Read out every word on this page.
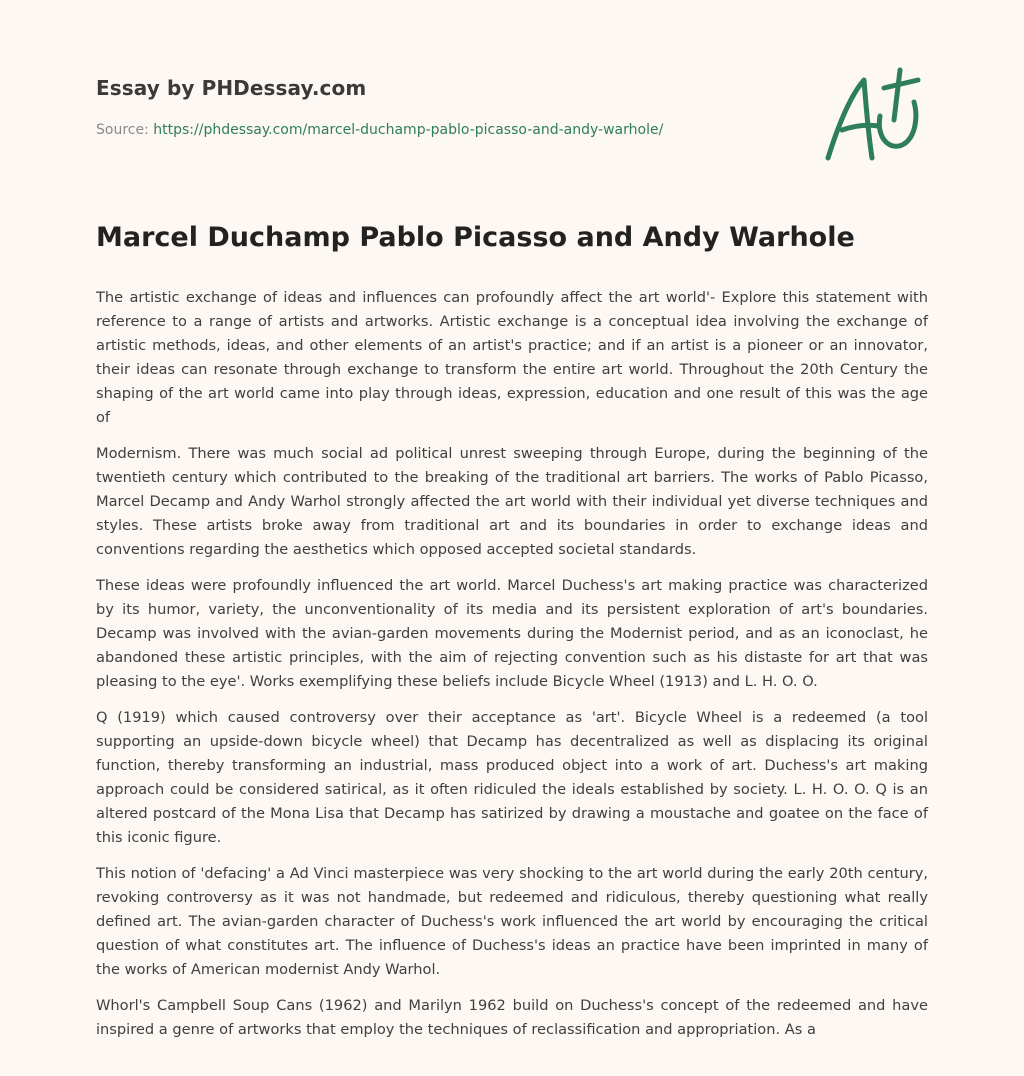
Essay by PHDessay.com
Source: https://phdessay.com/marcel-duchamp-pablo-picasso-and-andy-warhole/
Marcel Duchamp Pablo Picasso and Andy Warhole

The artistic exchange of ideas and influences can profoundly affect the art world'- Explore this statement with reference to a range of artists and artworks. Artistic exchange is a conceptual idea involving the exchange of artistic methods, ideas, and other elements of an artist's practice; and if an artist is a pioneer or an innovator, their ideas can resonate through exchange to transform the entire art world. Throughout the 20th Century the shaping of the art world came into play through ideas, expression, education and one result of this was the age of

Modernism. There was much social ad political unrest sweeping through Europe, during the beginning of the twentieth century which contributed to the breaking of the traditional art barriers. The works of Pablo Picasso, Marcel Decamp and Andy Warhol strongly affected the art world with their individual yet diverse techniques and styles. These artists broke away from traditional art and its boundaries in order to exchange ideas and conventions regarding the aesthetics which opposed accepted societal standards.

These ideas were profoundly influenced the art world. Marcel Duchess's art making practice was characterized by its humor, variety, the unconventionality of its media and its persistent exploration of art's boundaries. Decamp was involved with the avian-garden movements during the Modernist period, and as an iconoclast, he abandoned these artistic principles, with the aim of rejecting convention such as his distaste for art that was pleasing to the eye'. Works exemplifying these beliefs include Bicycle Wheel (1913) and L. H. O. O.

Q (1919) which caused controversy over their acceptance as 'art'. Bicycle Wheel is a redeemed (a tool supporting an upside-down bicycle wheel) that Decamp has decentralized as well as displacing its original function, thereby transforming an industrial, mass produced object into a work of art. Duchess's art making approach could be considered satirical, as it often ridiculed the ideals established by society. L. H. O. O. Q is an altered postcard of the Mona Lisa that Decamp has satirized by drawing a moustache and goatee on the face of this iconic figure.

This notion of 'defacing' a Ad Vinci masterpiece was very shocking to the art world during the early 20th century, revoking controversy as it was not handmade, but redeemed and ridiculous, thereby questioning what really defined art. The avian-garden character of Duchess's work influenced the art world by encouraging the critical question of what constitutes art. The influence of Duchess's ideas an practice have been imprinted in many of the works of American modernist Andy Warhol.

Whorl's Campbell Soup Cans (1962) and Marilyn 1962 build on Duchess's concept of the redeemed and have inspired a genre of artworks that employ the techniques of reclassification and appropriation. As a
